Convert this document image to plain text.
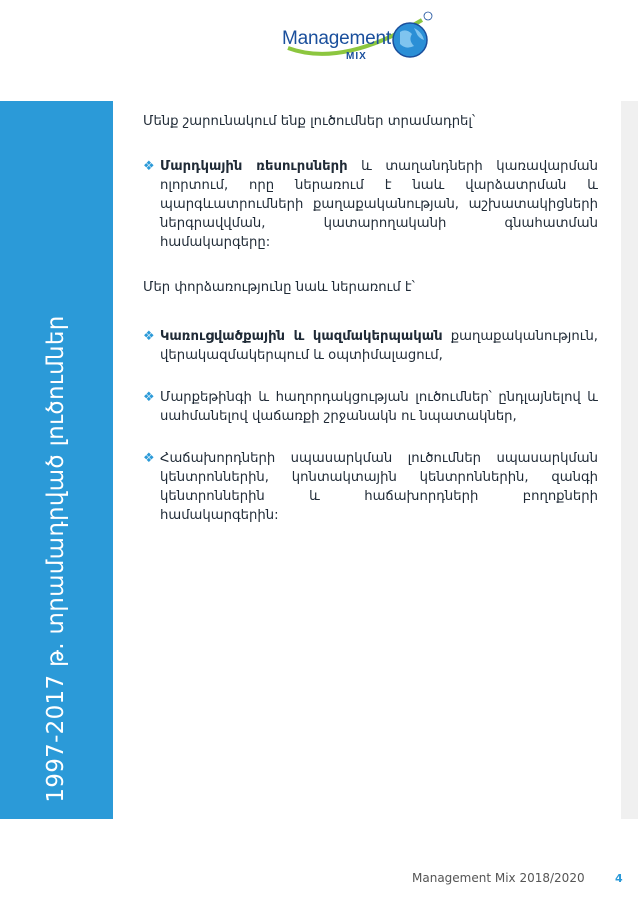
Management
MIX
1997-2017 թ. տրամադրված լուծումներ

Մենք շարունակում ենք լուծումներ տրամադրել՝

❖ Մարդկային ռեսուրսների և տաղանդների կառավարման ոլորտում, որը ներառում է նաև վարձատրման և պարգևատրումների քաղաքականության, աշխատակիցների ներգրավվման, կատարողականի գնահատման համակարգերը:

Մեր փորձառությունը նաև ներառում է՝

❖ Կառուցվածքային և կազմակերպական քաղաքականություն, վերակազմակերպում և օպտիմալացում,
❖ Մարքեթինգի և հաղորդակցության լուծումներ՝ ընդլայնելով և սահմանելով վաճառքի շրջանակն ու նպատակներ,
❖ Հաճախորդների սպասարկման լուծումներ սպասարկման կենտրոններին, կոնտակտային կենտրոններին, զանգի կենտրոններին և հաճախորդների բողոքների համակարգերին:
Management Mix 2018/2020	4
